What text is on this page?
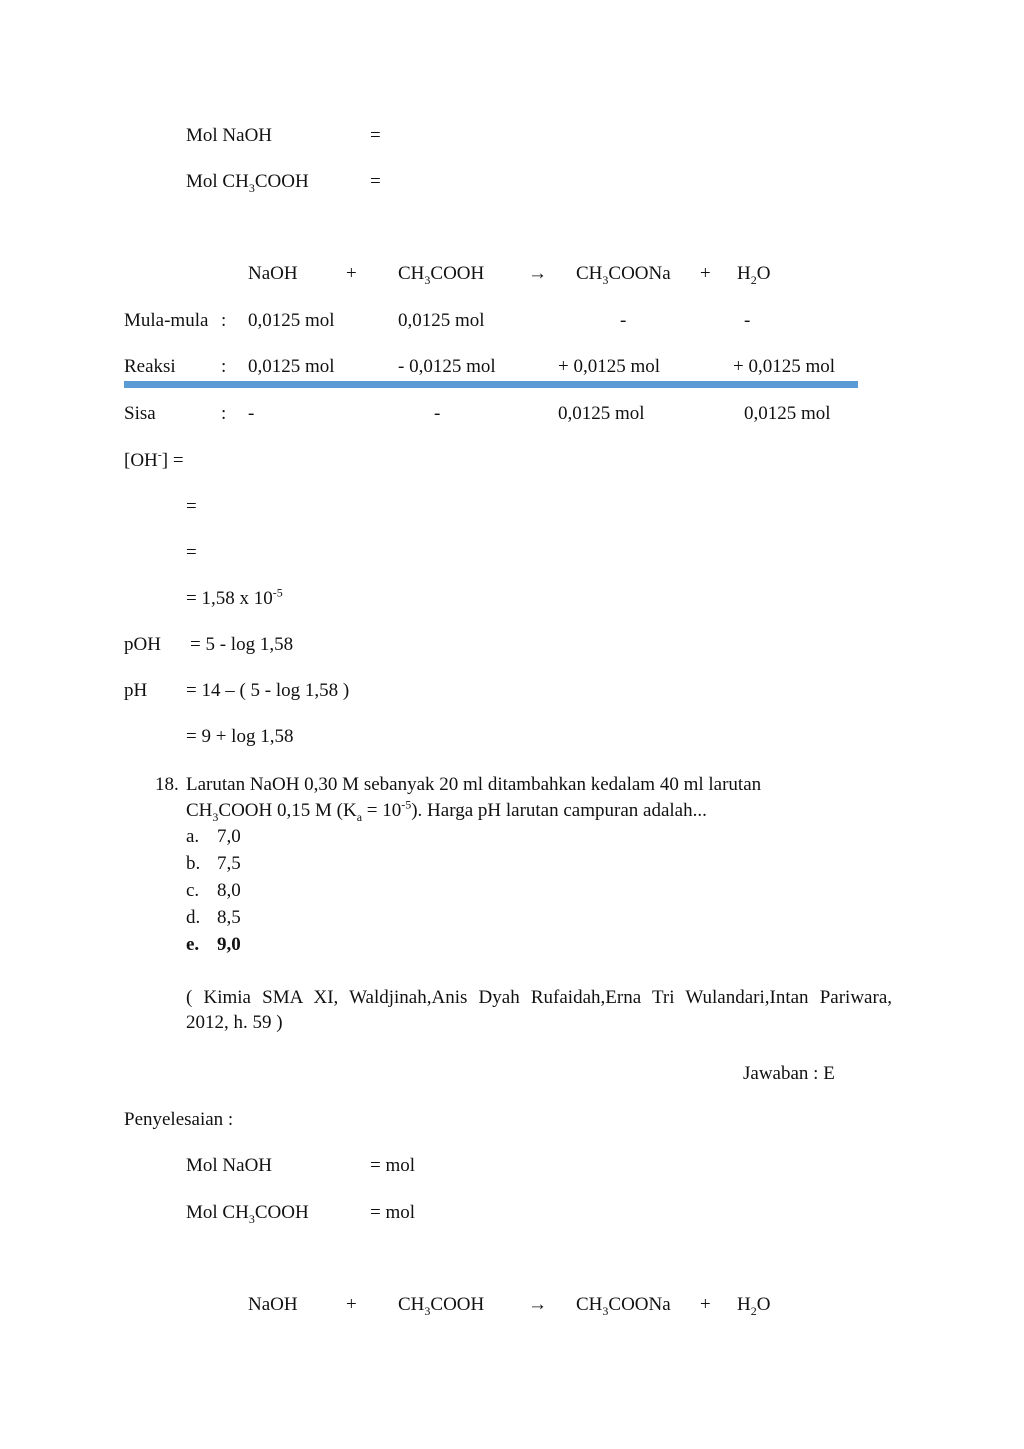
Mol NaOH	=
Mol $CH_3COOH$	=
NaOH	+ $CH_3COOH$ → $CH_3COONa + H_2O$
Mula-mula : 0,0125 mol	0,0125 mol	-	-
Reaksi : 0,0125 mol	- 0,0125 mol	+ 0,0125 mol	+ 0,0125 mol
Sisa	: -	-	0,0125 mol	0,0125 mol
[OH-] =
=
=
= 1,58 x $10^{-5}$
pOH = 5 - log 1,58
pH = 14 – ( 5 - log 1,58 )
= 9 + log 1,58
18. Larutan NaOH 0,30 M sebanyak 20 ml ditambahkan kedalam 40 ml larutan
$CH_3COOH$ 0,15 M $(K_a = 10^{-5})$. Harga pH larutan campuran adalah...
a. 7,0
b. 7,5
c. 8,0
d. 8,5
e. 9,0
( Kimia SMA XI, Waldjinah,Anis Dyah Rufaidah,Erna Tri Wulandari,Intan Pariwara,
2012, h. 59 )
Jawaban : E
Penyelesaian :
Mol NaOH	= mol
Mol $CH_3COOH$	= mol
NaOH	+ $CH_3COOH$ → $CH_3COONa + H_2O$
